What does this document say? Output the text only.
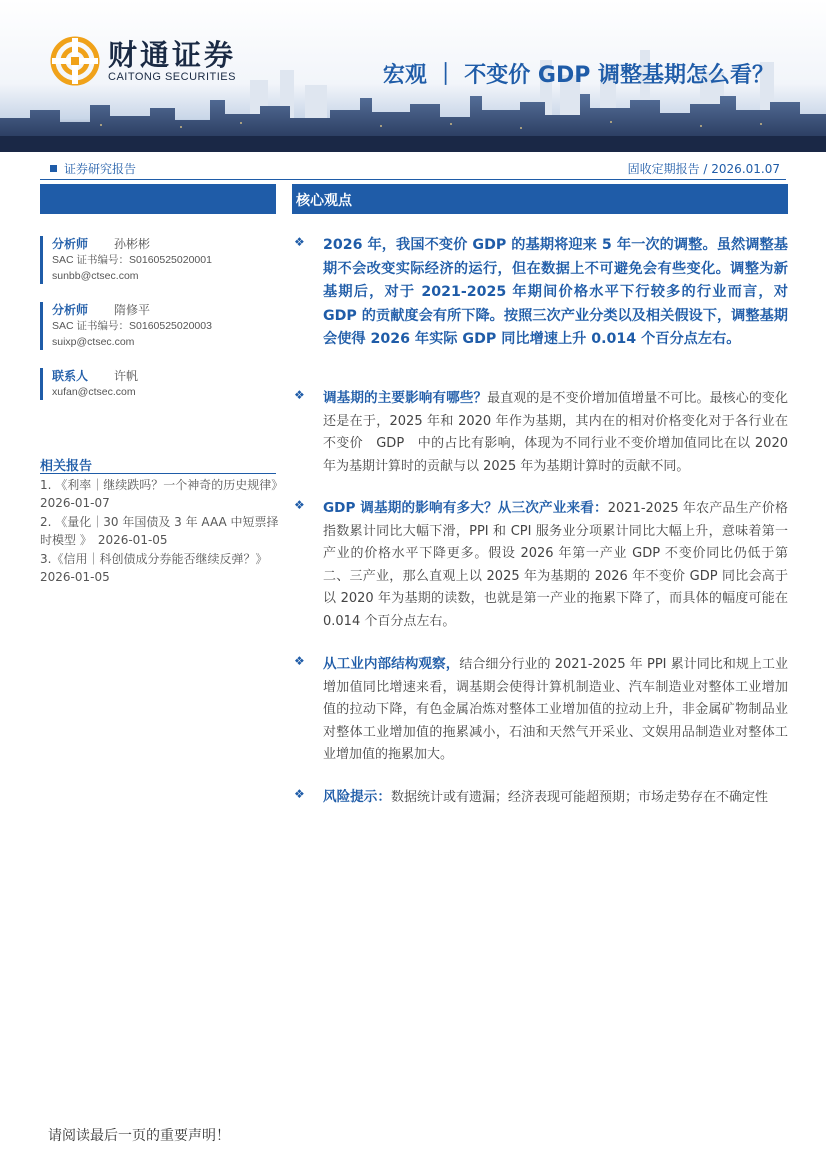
财通证券
CAITONG SECURITIES	宏观 ｜ 不变价 GDP 调整基期怎么看？
证券研究报告	固收定期报告 / 2026.01.07
分析师 孙彬彬
SAC 证书编号：S0160525020001
sunbb@ctsec.com
分析师 隋修平
SAC 证书编号：S0160525020003
suixp@ctsec.com
联系人 许帆
xufan@ctsec.com
相关报告
1. 《利率｜继续跌吗？一个神奇的历史规律》　2026-01-07
2. 《量化｜30 年国债及 3 年 AAA 中短票择时模型 》　2026-01-05
3.《信用｜科创债成分券能否继续反弹？》 2026-01-05
核心观点
❖ 2026 年，我国不变价 GDP 的基期将迎来 5 年一次的调整。虽然调整基期不会改变实际经济的运行，但在数据上不可避免会有些变化。调整为新基期后，对于 2021-2025 年期间价格水平下行较多的行业而言，对 GDP 的贡献度会有所下降。按照三次产业分类以及相关假设下，调整基期会使得 2026 年实际 GDP 同比增速上升 0.014 个百分点左右。
❖ 调基期的主要影响有哪些？最直观的是不变价增加值增量不可比。最核心的变化还是在于，2025 年和 2020 年作为基期，其内在的相对价格变化对于各行业在不变价　GDP　中的占比有影响，体现为不同行业不变价增加值同比在以 2020 年为基期计算时的贡献与以 2025 年为基期计算时的贡献不同。
❖ GDP 调基期的影响有多大？从三次产业来看：2021-2025 年农产品生产价格指数累计同比大幅下滑，PPI 和 CPI 服务业分项累计同比大幅上升，意味着第一产业的价格水平下降更多。假设 2026 年第一产业 GDP 不变价同比仍低于第二、三产业，那么直观上以 2025 年为基期的 2026 年不变价 GDP 同比会高于以 2020 年为基期的读数，也就是第一产业的拖累下降了，而具体的幅度可能在 0.014 个百分点左右。
❖ 从工业内部结构观察，结合细分行业的 2021-2025 年 PPI 累计同比和规上工业增加值同比增速来看，调基期会使得计算机制造业、汽车制造业对整体工业增加值的拉动下降，有色金属冶炼对整体工业增加值的拉动上升，非金属矿物制品业对整体工业增加值的拖累减小，石油和天然气开采业、文娱用品制造业对整体工业增加值的拖累加大。
❖ 风险提示：数据统计或有遗漏；经济表现可能超预期；市场走势存在不确定性
请阅读最后一页的重要声明！
